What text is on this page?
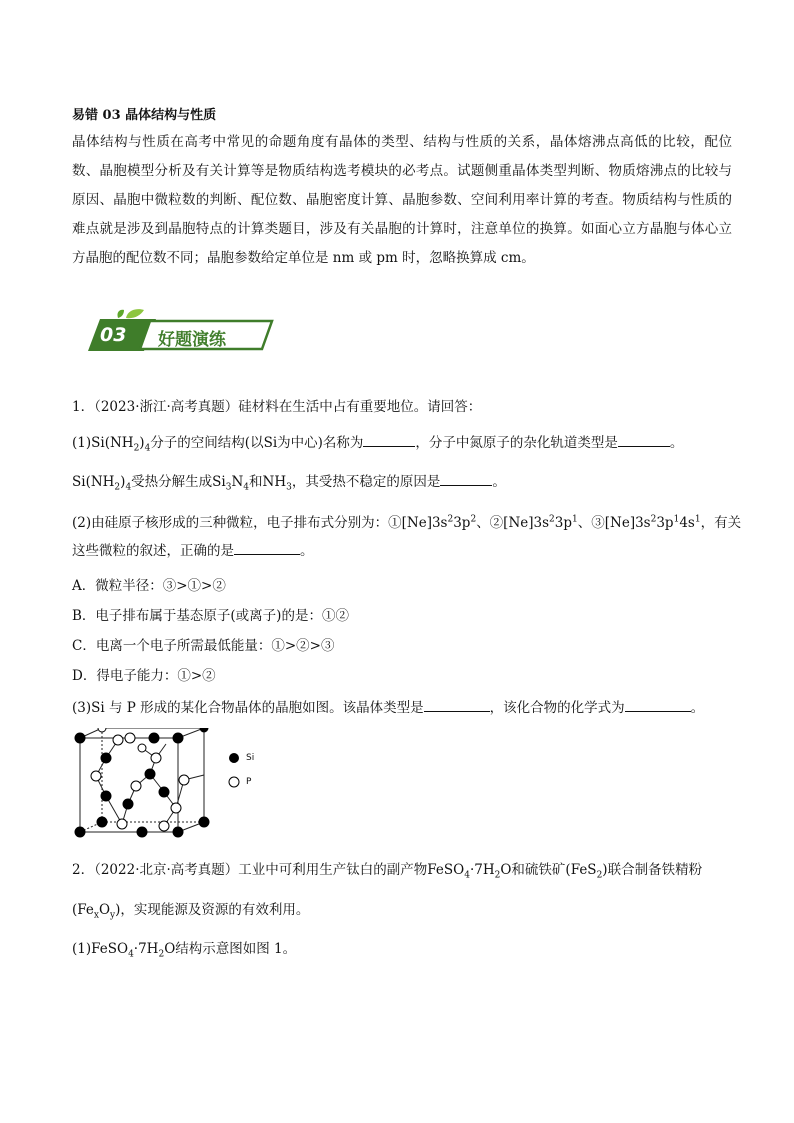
易错 03 晶体结构与性质
晶体结构与性质在高考中常见的命题角度有晶体的类型、结构与性质的关系，晶体熔沸点高低的比较，配位数、晶胞模型分析及有关计算等是物质结构选考模块的必考点。试题侧重晶体类型判断、物质熔沸点的比较与原因、晶胞中微粒数的判断、配位数、晶胞密度计算、晶胞参数、空间利用率计算的考查。物质结构与性质的难点就是涉及到晶胞特点的计算类题目，涉及有关晶胞的计算时，注意单位的换算。如面心立方晶胞与体心立方晶胞的配位数不同；晶胞参数给定单位是 nm 或 pm 时，忽略换算成 cm。
03 好题演练
1．（2023·浙江·高考真题）硅材料在生活中占有重要地位。请回答：
$(1)Si(NH_2)_4$分子的空间结构(以Si为中心)名称为	，分子中氮原子的杂化轨道类型是	。
$Si(NH_2)_4$受热分解生成$Si_3N_4$和$NH_3$，其受热不稳定的原因是	。
(2)由硅原子核形成的三种微粒，电子排布式分别为：$①[Ne]3s^23p^2$、$②[Ne]3s^23p^1$、$③[Ne]3s^23p^14s^1$，有关
这些微粒的叙述，正确的是	。
A．微粒半径：③>①>②
B．电子排布属于基态原子(或离子)的是：①②
C．电离一个电子所需最低能量：①>②>③
D．得电子能力：①>②
(3)Si 与 P 形成的某化合物晶体的晶胞如图。该晶体类型是	，该化合物的化学式为	。
Si
P
2．（2022·北京·高考真题）工业中可利用生产钛白的副产物$FeSO_4\cdot 7H_2O$和硫铁矿(FeS$_2$)联合制备铁精粉
$(Fe_xO_y)$，实现能源及资源的有效利用。
$(1)FeSO_4\cdot 7H_2O$结构示意图如图 1。
